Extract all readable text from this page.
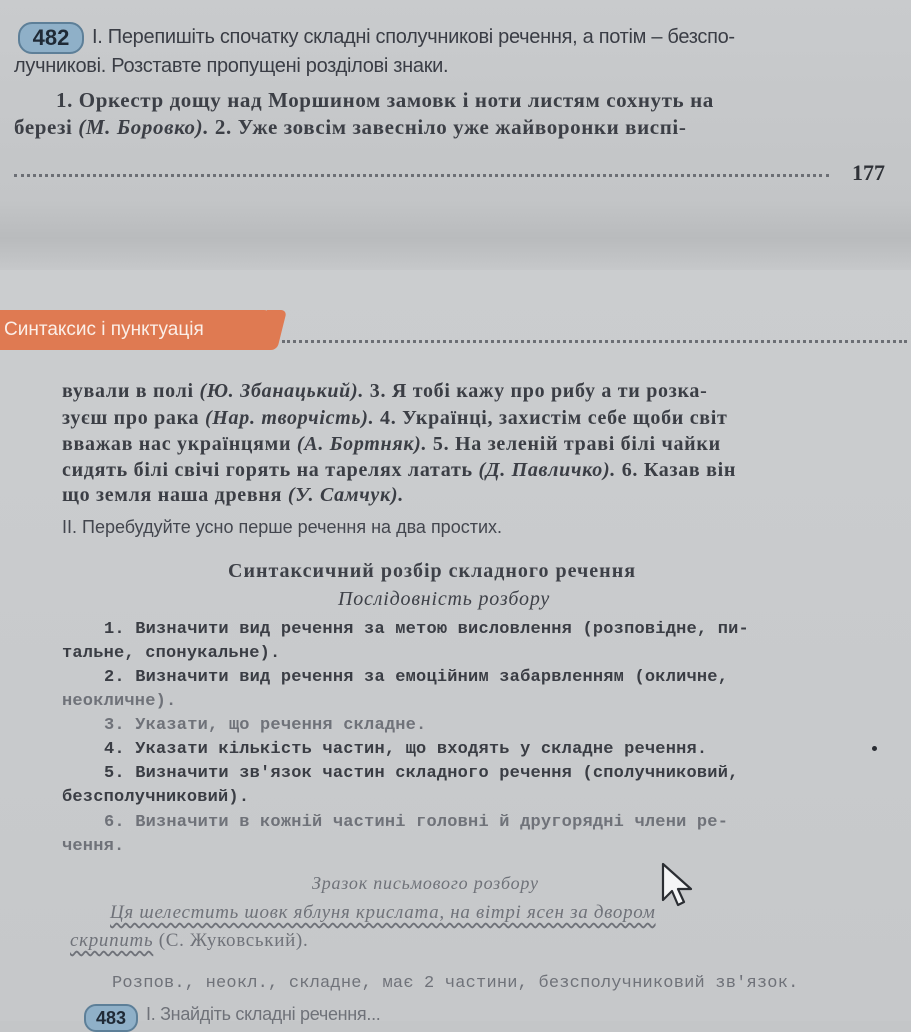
482	І. Перепишіть спочатку складні сполучникові речення, а потім – безспо-
лучникові. Розставте пропущені розділові знаки.
1. Оркестр дощу над Моршином замовк і ноти листям сохнуть на
березі (М. Боровко). 2. Уже зовсім завеснілo уже жайворонки виспі-
177
Синтаксис і пунктуація
вували в полі (Ю. Збанацький). 3. Я тобі кажу про рибу а ти розка-
зуєш про рака (Нар. творчість). 4. Українці, захистім себе щоби світ
вважав нас українцями (А. Бортняк). 5. На зеленій траві білі чайки
сидять білі свічі горять на тарелях латать (Д. Павличко). 6. Казав він
що земля наша древня (У. Самчук).
II. Перебудуйте усно перше речення на два простих.
Синтаксичний розбір складного речення
Послідовність розбору
1. Визначити вид речення за метою висловлення (розповідне, пи-
тальне, спонукальне).
2. Визначити вид речення за емоційним забарвленням (окличне,
неокличне).
3. Указати, що речення складне.
4. Указати кількість частин, що входять у складне речення.
5. Визначити зв'язок частин складного речення (сполучниковий,
безсполучниковий).
6. Визначити в кожній частині головні й другорядні члени ре-
чення.
Зразок письмового розбору
Ця шелестить шовк яблуня крислата, на вітрі ясен за двором
скрипить (С. Жуковський).
Розпов., неокл., складне, має 2 частини, безсполучниковий зв'язок.
483	І. Знайдіть складні речення...
